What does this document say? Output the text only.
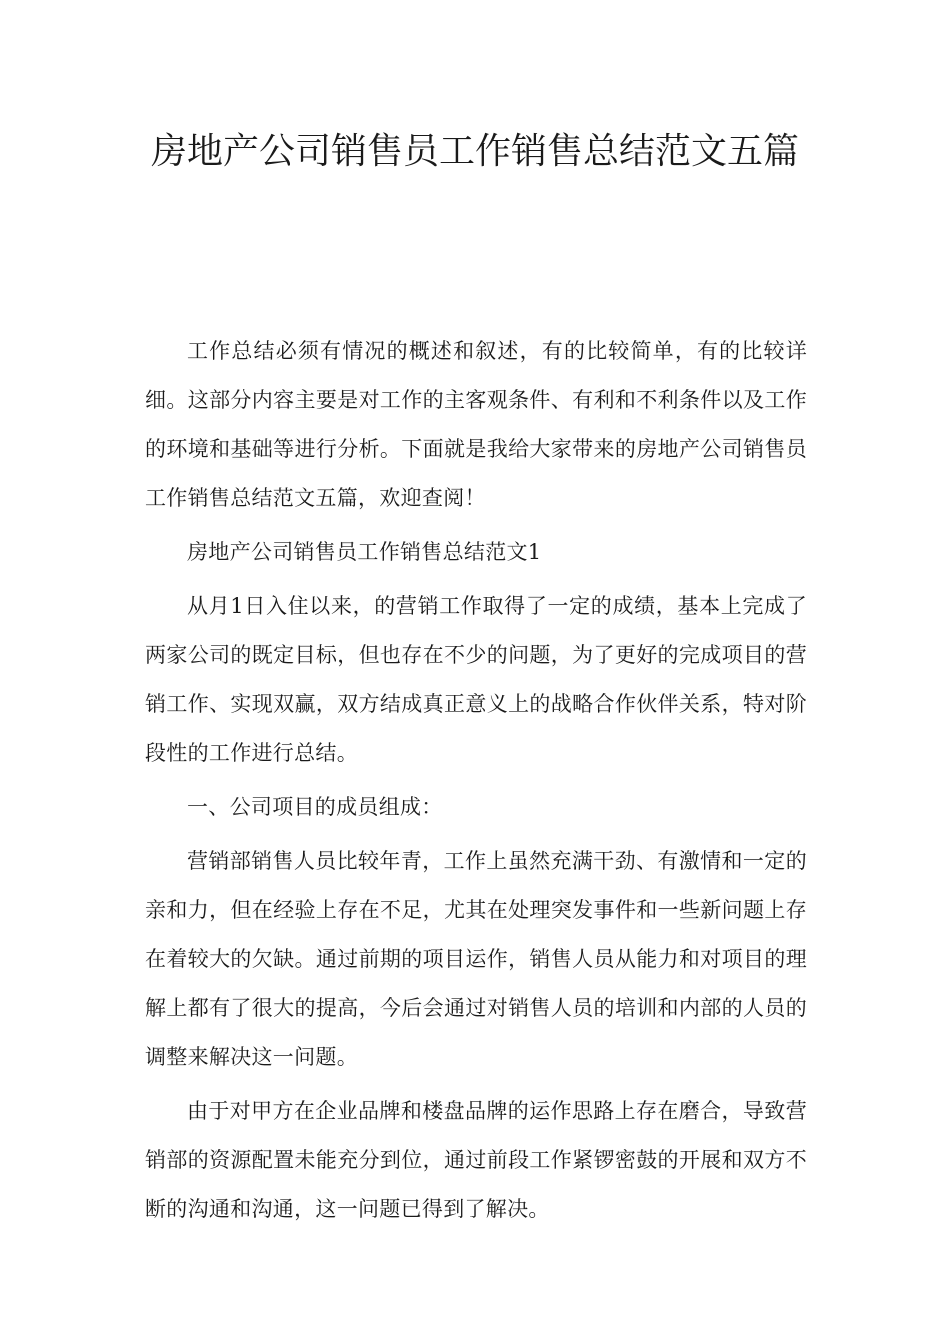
房地产公司销售员工作销售总结范文五篇

工作总结必须有情况的概述和叙述，有的比较简单，有的比较详细。这部分内容主要是对工作的主客观条件、有利和不利条件以及工作的环境和基础等进行分析。下面就是我给大家带来的房地产公司销售员工作销售总结范文五篇，欢迎查阅！

房地产公司销售员工作销售总结范文1

从月1日入住以来，的营销工作取得了一定的成绩，基本上完成了两家公司的既定目标，但也存在不少的问题，为了更好的完成项目的营销工作、实现双赢，双方结成真正意义上的战略合作伙伴关系，特对阶段性的工作进行总结。

一、公司项目的成员组成：

营销部销售人员比较年青，工作上虽然充满干劲、有激情和一定的亲和力，但在经验上存在不足，尤其在处理突发事件和一些新问题上存在着较大的欠缺。通过前期的项目运作，销售人员从能力和对项目的理解上都有了很大的提高，今后会通过对销售人员的培训和内部的人员的调整来解决这一问题。

由于对甲方在企业品牌和楼盘品牌的运作思路上存在磨合，导致营销部的资源配置未能充分到位，通过前段工作紧锣密鼓的开展和双方不断的沟通和沟通，这一问题已得到了解决。
